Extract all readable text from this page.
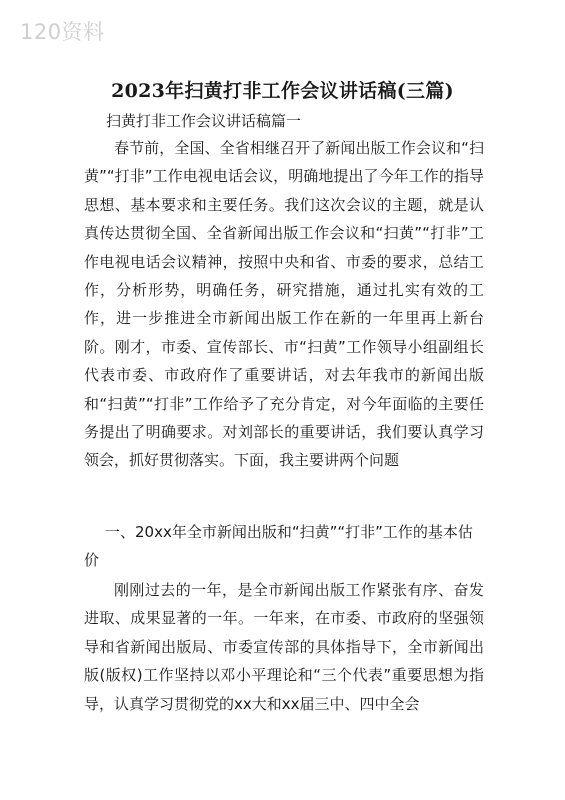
120资料
2023年扫黄打非工作会议讲话稿(三篇)
扫黄打非工作会议讲话稿篇一

春节前，全国、全省相继召开了新闻出版工作会议和“扫黄”“打非”工作电视电话会议，明确地提出了今年工作的指导思想、基本要求和主要任务。我们这次会议的主题，就是认真传达贯彻全国、全省新闻出版工作会议和“扫黄”“打非”工作电视电话会议精神，按照中央和省、市委的要求，总结工作，分析形势，明确任务，研究措施，通过扎实有效的工作，进一步推进全市新闻出版工作在新的一年里再上新台阶。刚才，市委、宣传部长、市“扫黄”工作领导小组副组长代表市委、市政府作了重要讲话，对去年我市的新闻出版和“扫黄”“打非”工作给予了充分肯定，对今年面临的主要任务提出了明确要求。对刘部长的重要讲话，我们要认真学习领会，抓好贯彻落实。下面，我主要讲两个问题

一、20xx年全市新闻出版和“扫黄”“打非”工作的基本估价

刚刚过去的一年，是全市新闻出版工作紧张有序、奋发进取、成果显著的一年。一年来，在市委、市政府的坚强领导和省新闻出版局、市委宣传部的具体指导下，全市新闻出版(版权)工作坚持以邓小平理论和“三个代表”重要思想为指导，认真学习贯彻党的xx大和xx届三中、四中全会
